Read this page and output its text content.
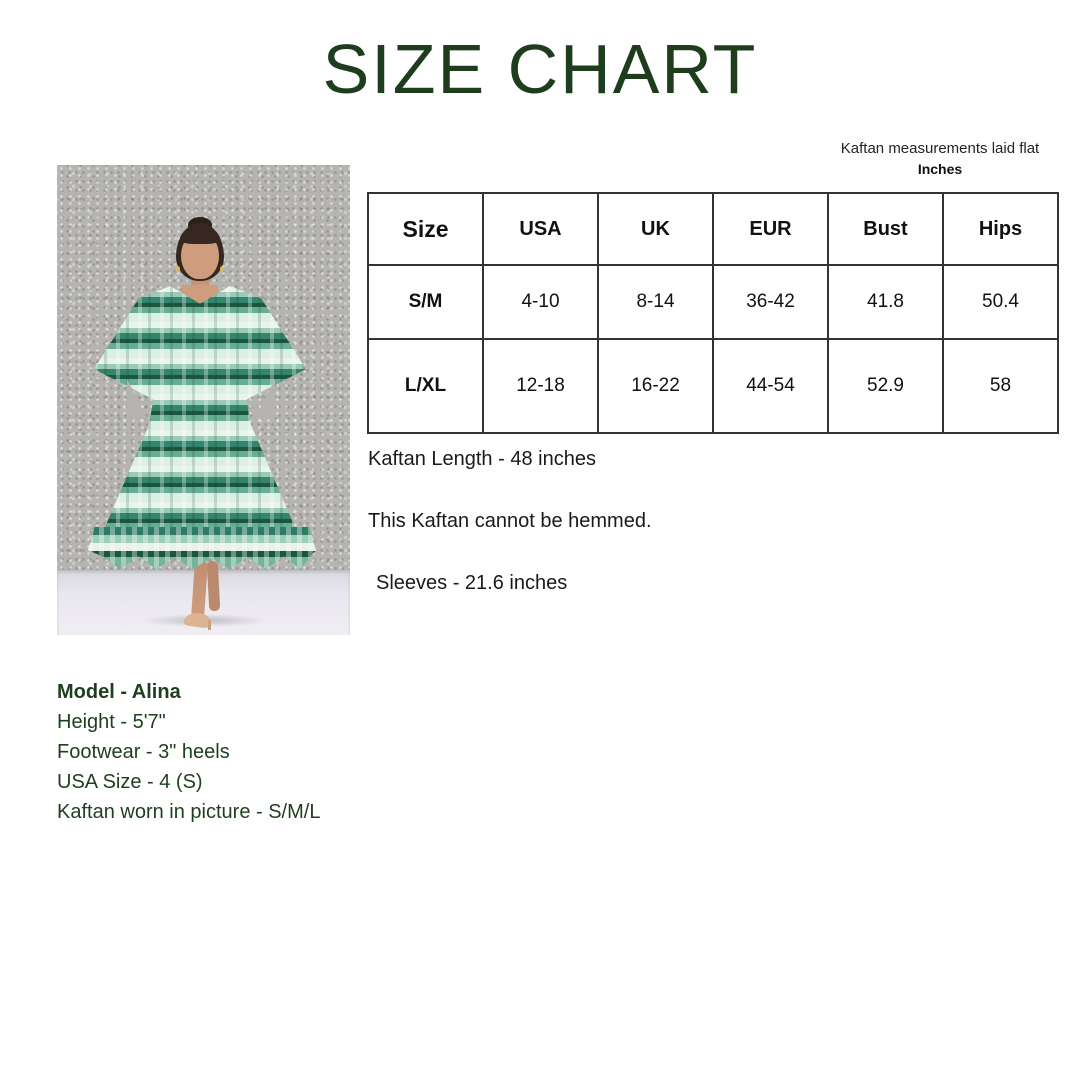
SIZE CHART
Kaftan measurements laid flat
Inches
Size	USA	UK	EUR	Bust	Hips
S/M	4-10	8-14	36-42	41.8	50.4
L/XL	12-18	16-22	44-54	52.9	58

Kaftan Length - 48 inches

This Kaftan cannot be hemmed.

Sleeves - 21.6 inches

Model - Alina
Height - 5'7"
Footwear - 3" heels
USA Size - 4 (S)
Kaftan worn in picture - S/M/L
